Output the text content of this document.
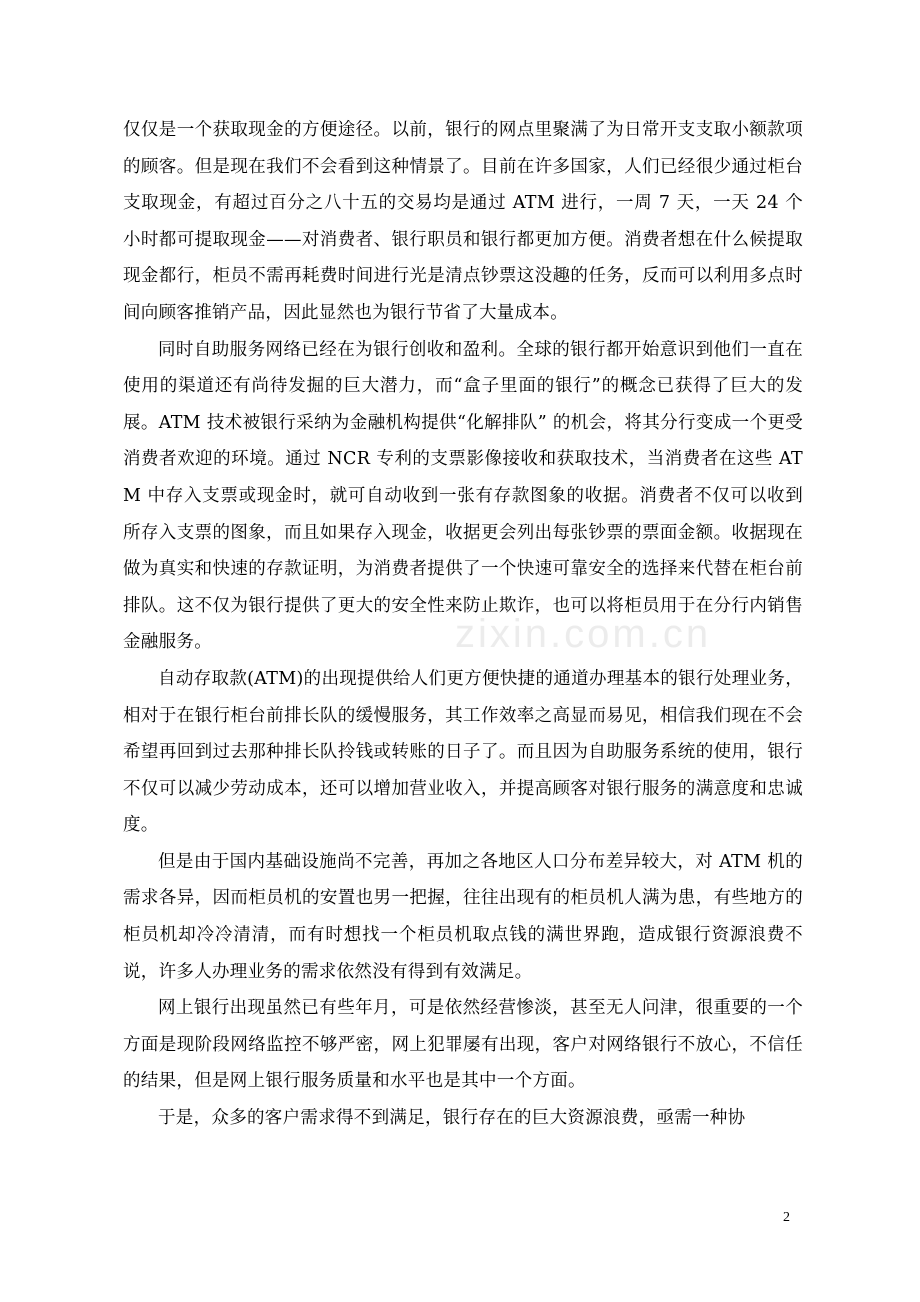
仅仅是一个获取现金的方便途径。以前，银行的网点里聚满了为日常开支支取小额款项的顾客。但是现在我们不会看到这种情景了。目前在许多国家，人们已经很少通过柜台支取现金，有超过百分之八十五的交易均是通过 ATM 进行，一周 7 天，一天 24 个小时都可提取现金——对消费者、银行职员和银行都更加方便。消费者想在什么候提取现金都行，柜员不需再耗费时间进行光是清点钞票这没趣的任务，反而可以利用多点时间向顾客推销产品，因此显然也为银行节省了大量成本。

同时自助服务网络已经在为银行创收和盈利。全球的银行都开始意识到他们一直在使用的渠道还有尚待发掘的巨大潜力，而“盒子里面的银行”的概念已获得了巨大的发展。ATM 技术被银行采纳为金融机构提供“化解排队” 的机会，将其分行变成一个更受消费者欢迎的环境。通过 NCR 专利的支票影像接收和获取技术，当消费者在这些 ATM 中存入支票或现金时，就可自动收到一张有存款图象的收据。消费者不仅可以收到所存入支票的图象，而且如果存入现金，收据更会列出每张钞票的票面金额。收据现在做为真实和快速的存款证明，为消费者提供了一个快速可靠安全的选择来代替在柜台前排队。这不仅为银行提供了更大的安全性来防止欺诈，也可以将柜员用于在分行内销售金融服务。

自动存取款(ATM)的出现提供给人们更方便快捷的通道办理基本的银行处理业务，相对于在银行柜台前排长队的缓慢服务，其工作效率之高显而易见，相信我们现在不会希望再回到过去那种排长队拎钱或转账的日子了。而且因为自助服务系统的使用，银行不仅可以减少劳动成本，还可以增加营业收入，并提高顾客对银行服务的满意度和忠诚度。

但是由于国内基础设施尚不完善，再加之各地区人口分布差异较大，对 ATM 机的需求各异，因而柜员机的安置也男一把握，往往出现有的柜员机人满为患，有些地方的柜员机却冷冷清清，而有时想找一个柜员机取点钱的满世界跑，造成银行资源浪费不说，许多人办理业务的需求依然没有得到有效满足。

网上银行出现虽然已有些年月，可是依然经营惨淡，甚至无人问津，很重要的一个方面是现阶段网络监控不够严密，网上犯罪屡有出现，客户对网络银行不放心，不信任的结果，但是网上银行服务质量和水平也是其中一个方面。

于是，众多的客户需求得不到满足，银行存在的巨大资源浪费，亟需一种协

zixin.com.cn
2
